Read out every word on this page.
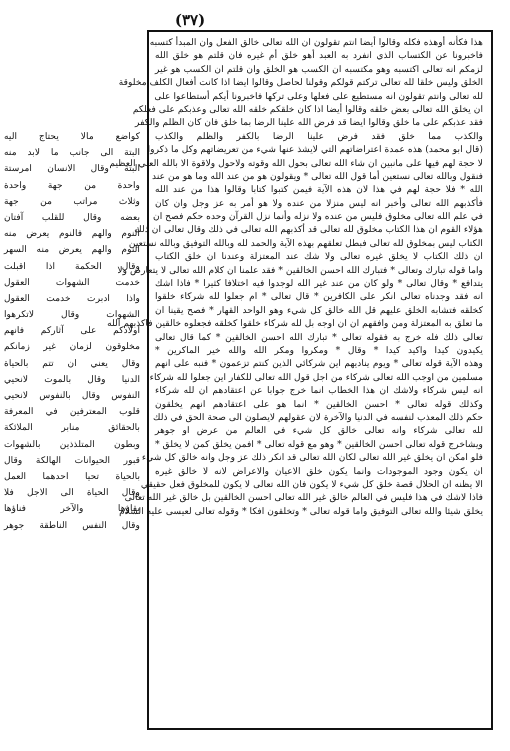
(٣٧)
هذا فكأنه أوهذه فكله وقالوا أيضا انتم تقولون ان الله تعالى خالق الفعل وان المبدأ كتسبه
فاخبرونا عن الكتساب الذي انفرد به العبد أهو خلق أم غيره فان قلتم هو خلق الله
لزمكم انه تعالى اكتسبه وهو مكتسبه ان الكسب هو الخلق وان قلتم ان الكسب هو غير
الخلق وليس خلقا لله تعالى تركتم قولكم وقولنا لحاصل وقالوا ايضا اذا كانت أفعال الكلف مخلوقة
لله تعالى وانتم تقولون انه مستطيع على فعلها وعلى تركها فاخبرونا أيكم أستطاعوا على
ان يخلق الله تعالى بعض خلقه وقالوا أيضا اذا كان خلقكم خلقه الله تعالى وعذبكم على فعلكم
فقد عذبكم على ما خلق وقالوا ايضا قد فرض الله علينا الرضا بما خلق فان كان الظلم والكفر
والكذب مما خلق فقد فرض علينا الرضا بالكفر والظلم والكذب
(قال ابو محمد) هذه عمدة اعتراضاتهم التي لايشذ عنها شيء من تعريضاتهم وكل ما ذكروا
لا حجة لهم فيها على مانبين ان شاء الله تعالى بحول الله وقوته ولاحول ولاقوة الا بالله العلي العظيم
فنقول وبالله تعالى نستعين أما قول الله تعالى * ويقولون هو من عند الله وما هو من عند
الله * فلا حجة لهم في هذا لان هذه الآية فيمن كتبوا كتابا وقالوا هذا من عند الله
فأكذبهم الله تعالى وأخبر انه ليس منزلا من عنده ولا هو أمر به عز وجل وان كان
في علم الله تعالى مخلوق فليس من عنده ولا نزله وأنما نزل القرآن وحده حكم فصح ان
هؤلاء القوم ان هذا الكتاب مخلوق لله تعالى قد أكذبهم الله تعالى في ذلك وقال تعالى ان ذلك
الكتاب ليس بمخلوق لله تعالى فبطل تعلقهم بهذه الآية والحمد لله وبالله التوفيق وبالله نستعين
ان ذلك الكتاب لا يخلق غيره تعالى ولا شك عند المعتزلة وعندنا ان خلق الكتاب
واما قوله تبارك وتعالى * فتبارك الله احسن الخالقين * فقد علمنا ان كلام الله تعالى لا يتعارض ولا
يتدافع * وقال تعالى * ولو كان من عند غير الله لوجدوا فيه اختلافا كثيرا * فاذا اشك
انه فقد وجدناه تعالى انكر على الكافرين * قال تعالى * ام جعلوا لله شركاء خلقوا
كخلقه فتشابه الخلق عليهم قل الله خالق كل شيء وهو الواحد القهار * فصح يقينا ان
ما تعلق به المعتزلة ومن وافقهم ان ان اوجه بل لله شركاء خلقوا كخلقه فجعلوه خالقين فاكذبهم الله
تعالى ذلك فله خرج به فقوله تعالى * تبارك الله احسن الخالقين * كما قال تعالى
يكيدون كيدا واكيد كيدا * وقال * ومكروا ومكر الله والله خير الماكرين *
وهذه الآية قوله تعالى * ويوم يناديهم اين شركائي الذين كنتم تزعمون * فنبه على انهم
مسلمين من اوجب الله تعالى شركاء من اجل قول الله تعالى للكفار اين جعلوا لله شركاء
انه ليس شركاء ولاشك ان هذا الخطاب انما خرج جوابا عن اعتقادهم ان لله شركاء
وكذلك قوله تعالى * احسن الخالقين * انما هو على اعتقادهم انهم يخلقون
حكم ذلك المعذب لنفسه في الدنيا والآخرة لان عقولهم لايصلون الى صحة الحق في ذلك
لله تعالى شركاء وانه تعالى خالق كل شيء في العالم من عرض او جوهر
ويشاخرج قوله تعالى احسن الخالقين * وهو مع قوله تعالى * افمن يخلق كمن لا يخلق *
فلو امكن ان يخلق غير الله تعالى لكان الله تعالى قد انكر ذلك عز وجل وانه خالق كل شيء
ان يكون وجود الموجودات وانما يكون خلق الاعيان والاعراض لانه لا خالق غيره
الا يظنه ان الحلال قصة خلق كل شيء لا يكون فان الله تعالى لا يكون للمخلوق فعل حقيقي
فاذا لاشك في هذا فليس في العالم خالق غير الله تعالى احسن الخالقين بل خالق غير الله تعالى
يخلق شيئا والله تعالى التوفيق واما قوله تعالى * وتخلقون افكا * وقوله تعالى لعيسى عليه السلام
كواضع مالا يحتاج اليه
البتة الى جانب ما لابد منه
البتة وقال الانسان امرستة
واحدة من جهة واحدة
وثلاث مراتب من جهة
بعضه وقال للقلب آفتان
النوم والهم فالنوم يعرض منه
النوم والهم يعرض منه السهر
وقال الحكمة اذا اقبلت
خدمت الشهوات العقول
واذا ادبرت خدمت العقول
الشهوات وقال لاتكرهوا
اولادكم على آثاركم فانهم
مخلوقون لزمان غير زمانكم
وقال يعني ان تتم بالحياة
الدنيا وقال بالموت لانحيي
النفوس وقال بالنفوس لانحيي
قلوب المعترفين في المعرفة
بالحقائق منابر الملائكة
وبطون المتلذذين بالشهوات
قبور الحيوانات الهالكة وقال
بالحياة تحيا احدهما العمل
وقال الحياة الى الاجل فلا
بقاؤها والآخر فناؤها
وقال النفس الناطقة جوهر
